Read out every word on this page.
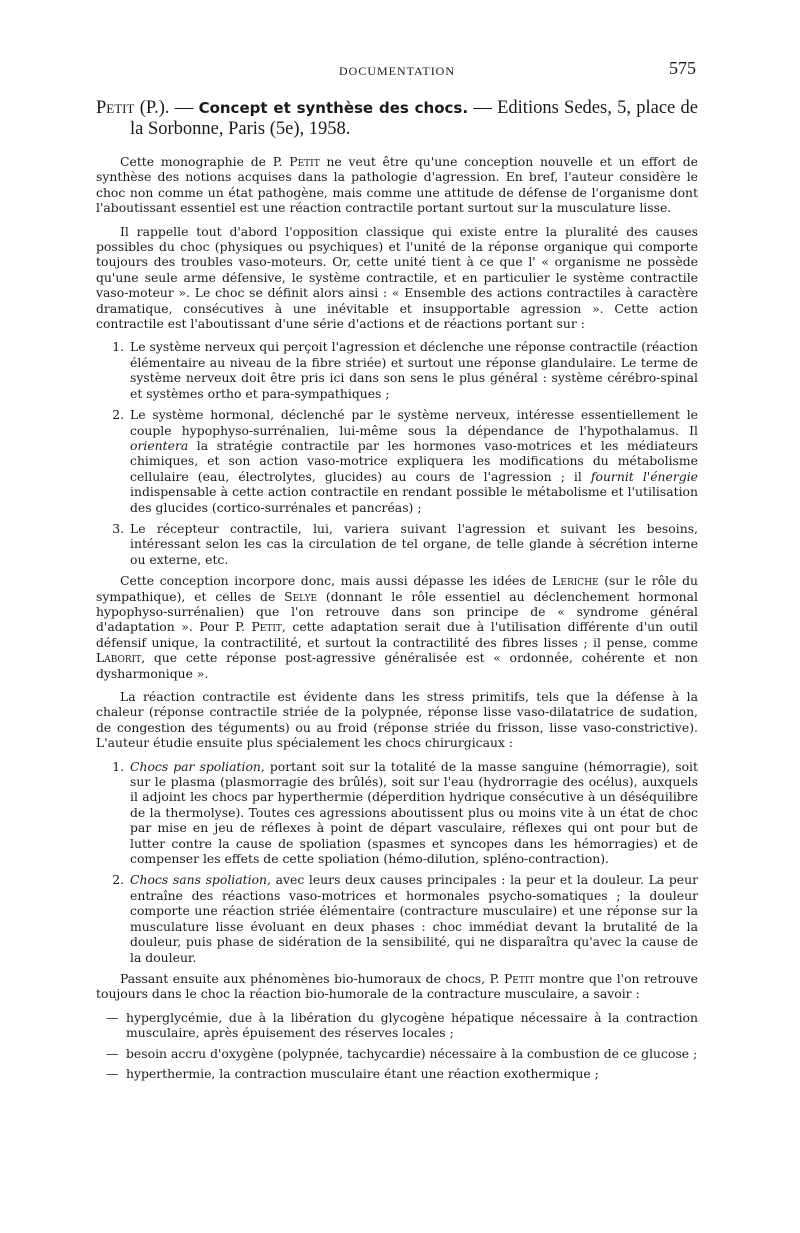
DOCUMENTATION	575
Petit (P.). — Concept et synthèse des chocs. — Editions Sedes, 5, place de la Sorbonne, Paris (5e), 1958.

Cette monographie de P. Petit ne veut être qu'une conception nouvelle et un effort de synthèse des notions acquises dans la pathologie d'agression. En bref, l'auteur considère le choc non comme un état pathogène, mais comme une attitude de défense de l'organisme dont l'aboutissant essentiel est une réaction contractile portant surtout sur la musculature lisse.

Il rappelle tout d'abord l'opposition classique qui existe entre la pluralité des causes possibles du choc (physiques ou psychiques) et l'unité de la réponse organique qui comporte toujours des troubles vaso-moteurs. Or, cette unité tient à ce que l' « organisme ne possède qu'une seule arme défensive, le système contractile, et en particulier le système contractile vaso-moteur ». Le choc se définit alors ainsi : « Ensemble des actions contractiles à caractère dramatique, consécutives à une inévitable et insupportable agression ». Cette action contractile est l'aboutissant d'une série d'actions et de réactions portant sur :

1. Le système nerveux qui perçoit l'agression et déclenche une réponse contractile (réaction élémentaire au niveau de la fibre striée) et surtout une réponse glandulaire. Le terme de système nerveux doit être pris ici dans son sens le plus général : système cérébro-spinal et systèmes ortho et para-sympathiques ;
2. Le système hormonal, déclenché par le système nerveux, intéresse essentiellement le couple hypophyso-surrénalien, lui-même sous la dépendance de l'hypothalamus. Il orientera la stratégie contractile par les hormones vaso-motrices et les médiateurs chimiques, et son action vaso-motrice expliquera les modifications du métabolisme cellulaire (eau, électrolytes, glucides) au cours de l'agression ; il fournit l'énergie indispensable à cette action contractile en rendant possible le métabolisme et l'utilisation des glucides (cortico-surrénales et pancréas) ;
3. Le récepteur contractile, lui, variera suivant l'agression et suivant les besoins, intéressant selon les cas la circulation de tel organe, de telle glande à sécrétion interne ou externe, etc.

Cette conception incorpore donc, mais aussi dépasse les idées de Leriche (sur le rôle du sympathique), et celles de Selye (donnant le rôle essentiel au déclenchement hormonal hypophyso-surrénalien) que l'on retrouve dans son principe de « syndrome général d'adaptation ». Pour P. Petit, cette adaptation serait due à l'utilisation différente d'un outil défensif unique, la contractilité, et surtout la contractilité des fibres lisses ; il pense, comme Laborit, que cette réponse post-agressive généralisée est « ordonnée, cohérente et non dysharmonique ».

La réaction contractile est évidente dans les stress primitifs, tels que la défense à la chaleur (réponse contractile striée de la polypnée, réponse lisse vaso-dilatatrice de sudation, de congestion des téguments) ou au froid (réponse striée du frisson, lisse vaso-constrictive). L'auteur étudie ensuite plus spécialement les chocs chirurgicaux :

1. Chocs par spoliation, portant soit sur la totalité de la masse sanguine (hémorragie), soit sur le plasma (plasmorragie des brûlés), soit sur l'eau (hydrorragie des océlus), auxquels il adjoint les chocs par hyperthermie (déperdition hydrique consécutive à un déséquilibre de la thermolyse). Toutes ces agressions aboutissent plus ou moins vite à un état de choc par mise en jeu de réflexes à point de départ vasculaire, réflexes qui ont pour but de lutter contre la cause de spoliation (spasmes et syncopes dans les hémorragies) et de compenser les effets de cette spoliation (hémo-dilution, spléno-contraction).
2. Chocs sans spoliation, avec leurs deux causes principales : la peur et la douleur. La peur entraîne des réactions vaso-motrices et hormonales psycho-somatiques ; la douleur comporte une réaction striée élémentaire (contracture musculaire) et une réponse sur la musculature lisse évoluant en deux phases : choc immédiat devant la brutalité de la douleur, puis phase de sidération de la sensibilité, qui ne disparaîtra qu'avec la cause de la douleur.

Passant ensuite aux phénomènes bio-humoraux de chocs, P. Petit montre que l'on retrouve toujours dans le choc la réaction bio-humorale de la contracture musculaire, a savoir :

— hyperglycémie, due à la libération du glycogène hépatique nécessaire à la contraction musculaire, après épuisement des réserves locales ;
— besoin accru d'oxygène (polypnée, tachycardie) nécessaire à la combustion de ce glucose ;
— hyperthermie, la contraction musculaire étant une réaction exothermique ;
